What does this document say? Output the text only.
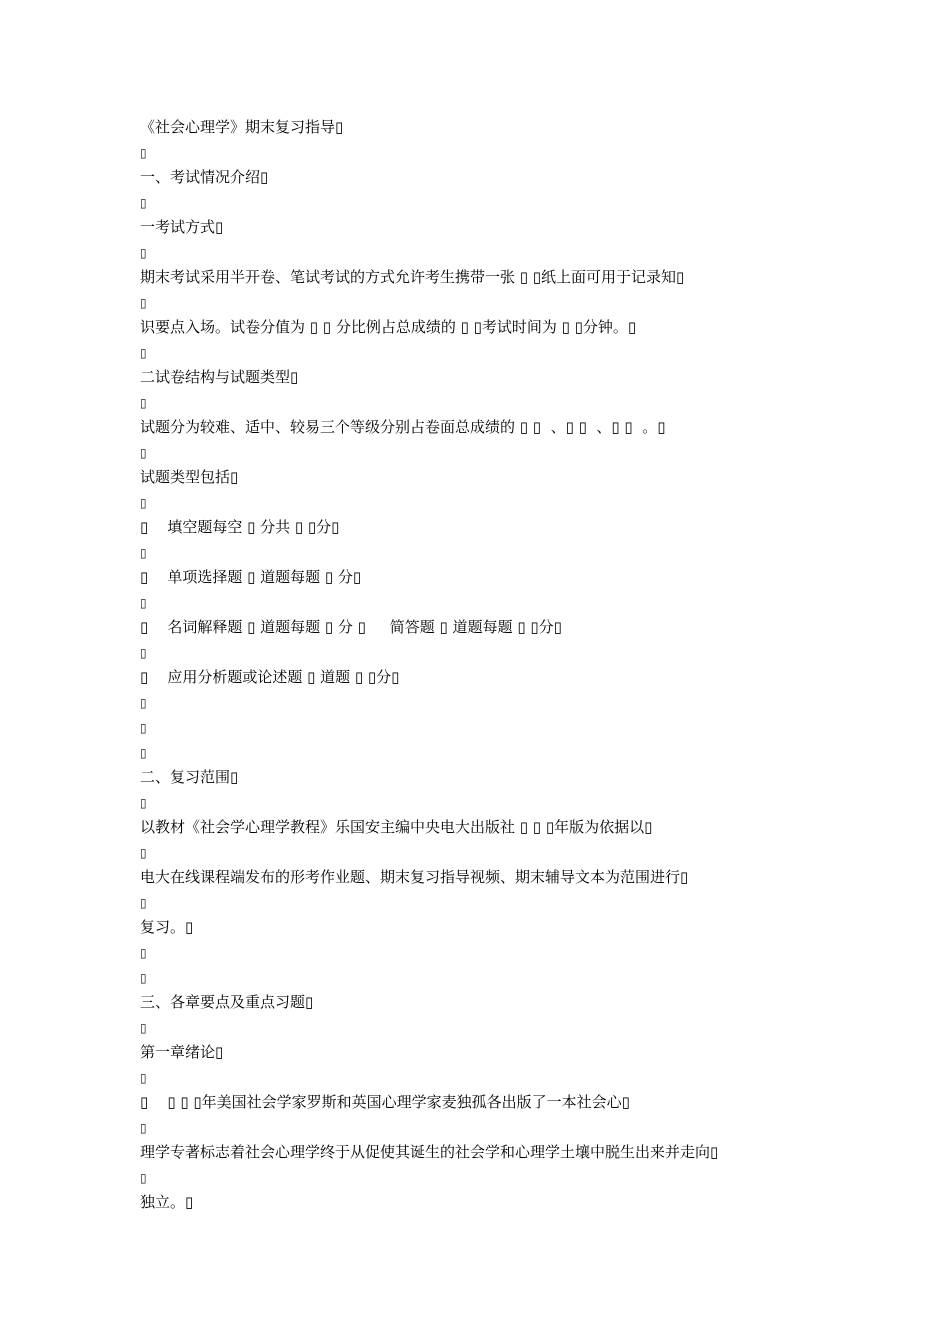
《社会心理学》期末复习指导▯
▯
一、考试情况介绍▯
▯
一考试方式▯
▯
期末考试采用半开卷、笔试考试的方式允许考生携带一张 ▯ ▯纸上面可用于记录知▯
▯
识要点入场。试卷分值为 ▯ ▯ 分比例占总成绩的 ▯ ▯考试时间为 ▯ ▯分钟。▯
▯
二试卷结构与试题类型▯
▯
试题分为较难、适中、较易三个等级分别占卷面总成绩的 ▯ ▯  、▯ ▯  、▯ ▯  。▯
▯
试题类型包括▯
▯
▯    填空题每空 ▯ 分共 ▯ ▯分▯
▯
▯    单项选择题 ▯ 道题每题 ▯ 分▯
▯
▯    名词解释题 ▯ 道题每题 ▯ 分 ▯     简答题 ▯ 道题每题 ▯ ▯分▯
▯
▯    应用分析题或论述题 ▯ 道题 ▯ ▯分▯
▯
▯
▯
二、复习范围▯
▯
以教材《社会学心理学教程》乐国安主编中央电大出版社 ▯ ▯ ▯年版为依据以▯
▯
电大在线课程端发布的形考作业题、期末复习指导视频、期末辅导文本为范围进行▯
▯
复习。▯
▯
▯
三、各章要点及重点习题▯
▯
第一章绪论▯
▯
▯    ▯ ▯ ▯年美国社会学家罗斯和英国心理学家麦独孤各出版了一本社会心▯
▯
理学专著标志着社会心理学终于从促使其诞生的社会学和心理学土壤中脱生出来并走向▯
▯
独立。▯
